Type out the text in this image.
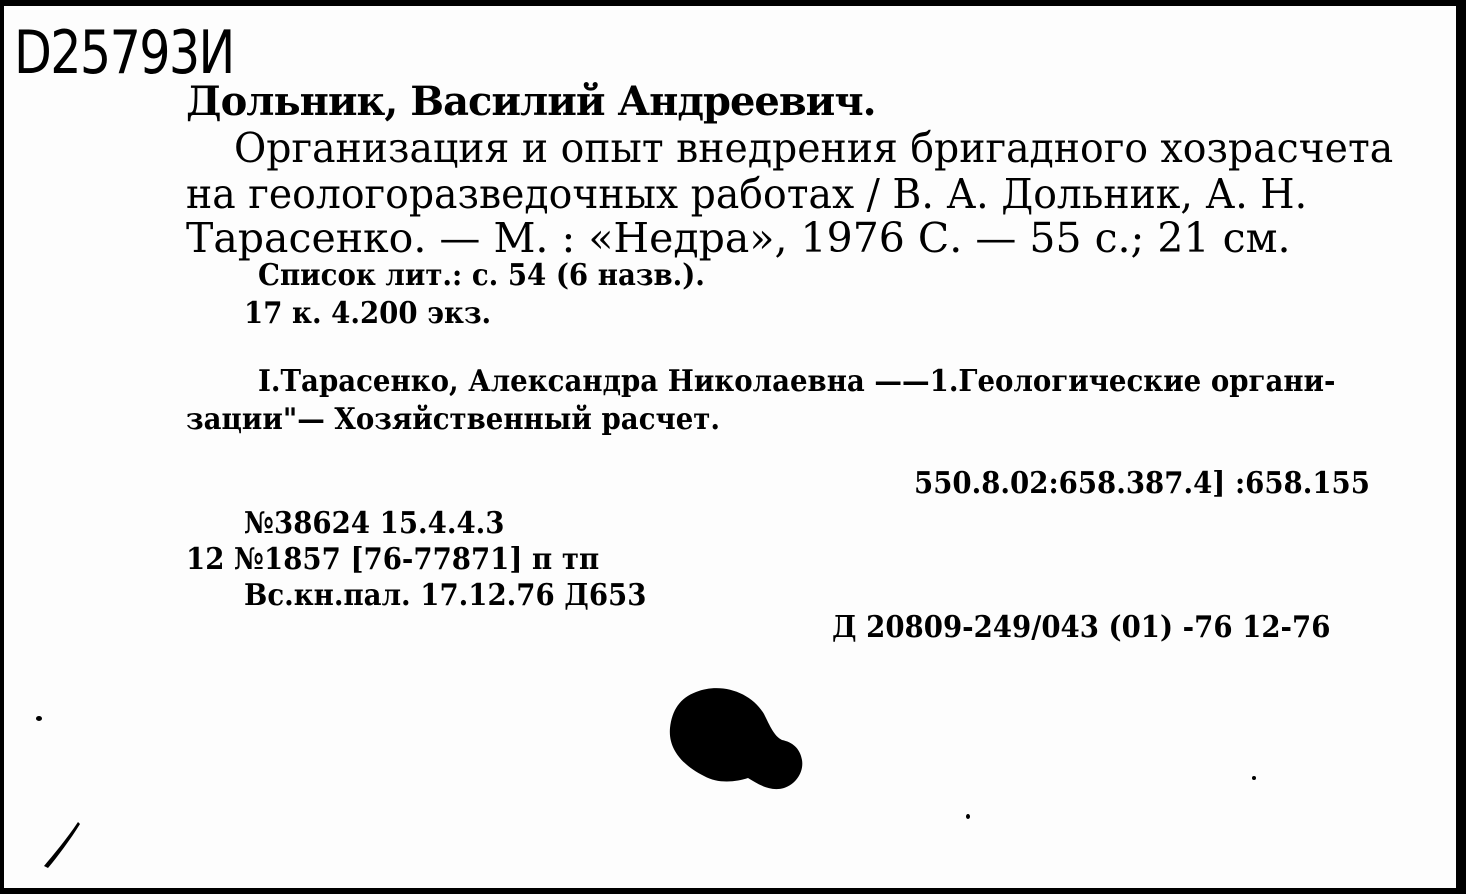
D25793И
Дольник, Василий Андреевич.
Организация и опыт внедрения бригадного хозрасчета
на геологоразведочных работах / В. А. Дольник, А. Н.
Тарасенко. — М. : «Недра», 1976 С. — 55 с.; 21 см.
Список лит.: с. 54 (6 назв.).
17 к. 4.200 экз.
I.Тарасенко, Александра Николаевна ——1.Геологические органи-
зации"— Хозяйственный расчет.
550.8.02:658.387.4] :658.155
№38624 15.4.4.3
12 №1857 [76-77871] п тп
Вс.кн.пал. 17.12.76 Д653
Д 20809-249/043 (01) -76 12-76
